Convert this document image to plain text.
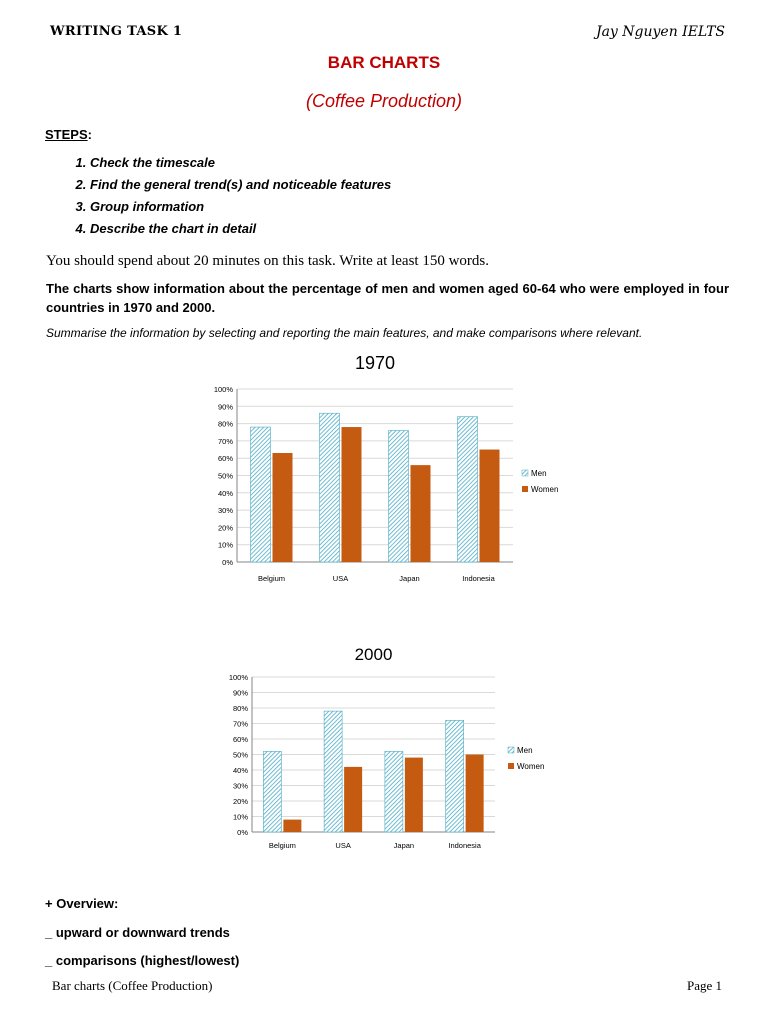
WRITING TASK 1	Jay Nguyen IELTS
BAR CHARTS
(Coffee Production)
STEPS:
1. Check the timescale
2. Find the general trend(s) and noticeable features
3. Group information
4. Describe the chart in detail
You should spend about 20 minutes on this task. Write at least 150 words.
The charts show information about the percentage of men and women aged 60-64 who were employed in four countries in 1970 and 2000.
Summarise the information by selecting and reporting the main features, and make comparisons where relevant.
1970
0%
10%
20%
30%
40%
50%
60%
70%
80%
90%
100%
Belgium	USA	Japan	Indonesia
Men
Women
2000
0%
10%
20%
30%
40%
50%
60%
70%
80%
90%
100%
Belgium	USA	Japan	Indonesia
Men
Women
+ Overview:
_ upward or downward trends
_ comparisons (highest/lowest)
Bar charts (Coffee Production)	Page 1
